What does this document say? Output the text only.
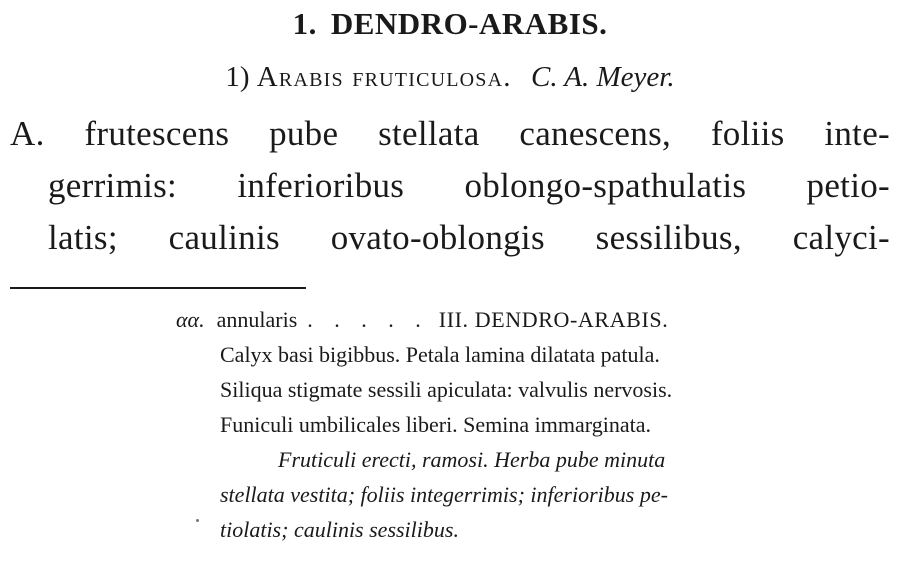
1. DENDRO-ARABIS.
1) Arabis fruticulosa. C. A. Meyer.
A. frutescens pube stellata canescens, foliis inte-
gerrimis: inferioribus oblongo-spathulatis petio-
latis; caulinis ovato-oblongis sessilibus, calyci-
αα. annularis . . . . . III. DENDRO-ARABIS.
Calyx basi bigibbus. Petala lamina dilatata patula.
Siliqua stigmate sessili apiculata: valvulis nervosis.
Funiculi umbilicales liberi. Semina immarginata.
Fruticuli erecti, ramosi. Herba pube minuta
stellata vestita; foliis integerrimis; inferioribus pe-
tiolatis; caulinis sessilibus.
